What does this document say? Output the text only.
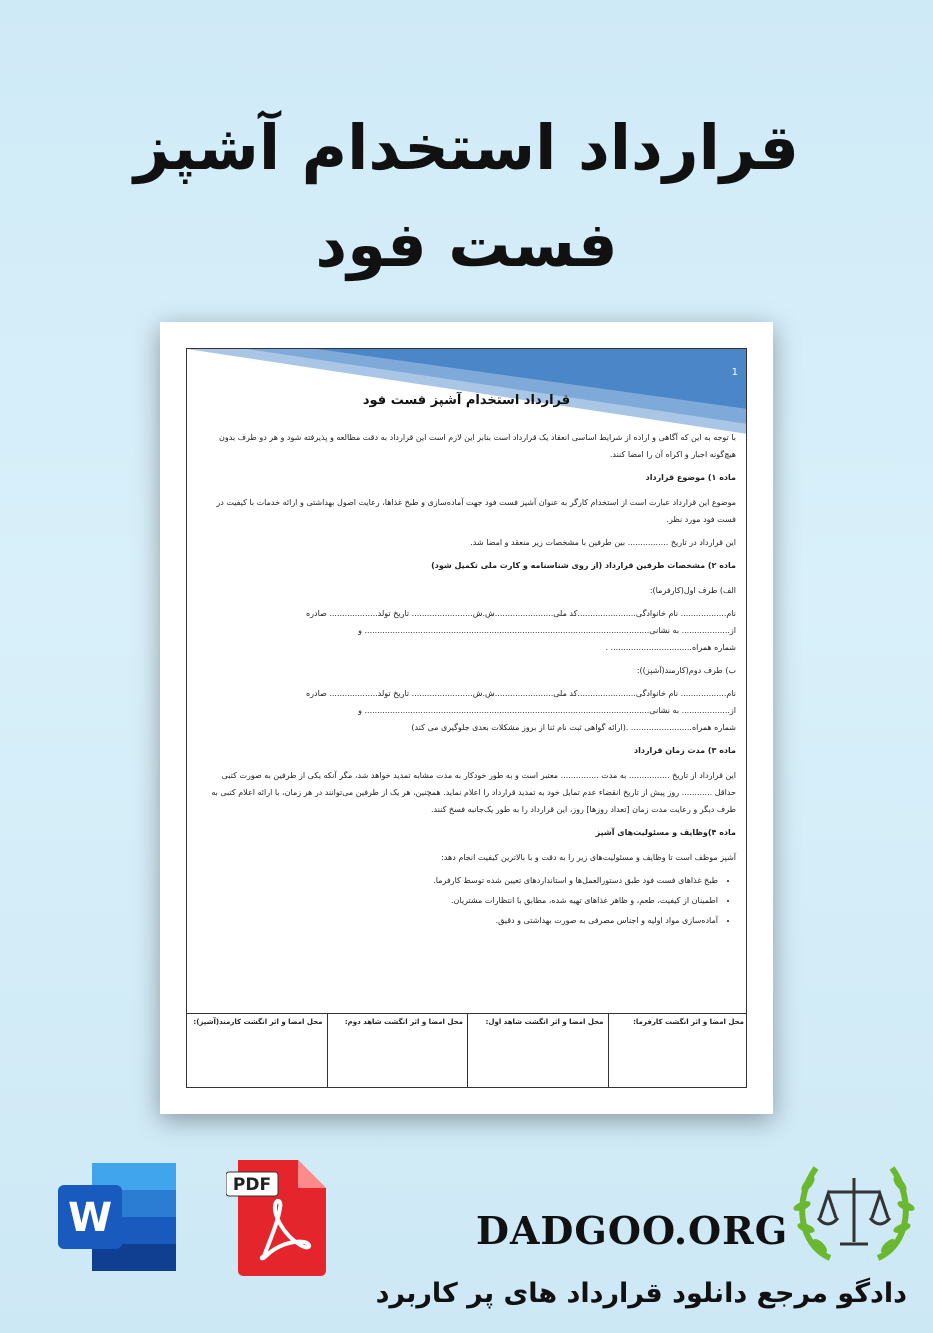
قرارداد استخدام آشپز
فست فود
1
قرارداد استخدام آشپز فست فود

با توجه به این که آگاهی و اراده از شرایط اساسی انعقاد یک قرارداد است بنابر این لازم است این قرارداد به دقت مطالعه و پذیرفته شود و هر دو طرف بدون هیچ‌گونه اجبار و اکراه آن را امضا کنند.

ماده ۱) موضوع قرارداد

موضوع این قرارداد عبارت است از استخدام کارگر به عنوان آشپز فست فود جهت آماده‌سازی و طبخ غذاها، رعایت اصول بهداشتی و ارائه خدمات با کیفیت در فست فود مورد نظر.

این قرارداد در تاریخ ................ بین طرفین با مشخصات زیر منعقد و امضا شد.

ماده ۲) مشخصات طرفین قرارداد (از روی شناسنامه و کارت ملی تکمیل شود)

الف) طرف اول(کارفرما):

نام.................. نام خانوادگی.......................کد ملی.......................ش.ش........................ تاریخ تولد................... صادره

از................... به نشانی................................................................................................................ و

شماره همراه................................ .

ب) طرف دوم(کارمند(آشپز)):

نام.................. نام خانوادگی.......................کد ملی.......................ش.ش........................ تاریخ تولد................... صادره

از................... به نشانی................................................................................................................ و

شماره همراه........................ .(ارائه گواهی ثبت نام ثنا از بروز مشکلات بعدی جلوگیری می کند)

ماده ۳) مدت زمان قرارداد

این قرارداد از تاریخ ................ به مدت ............... معتبر است و به طور خودکار به مدت مشابه تمدید خواهد شد، مگر آنکه یکی از طرفین به صورت کتبی حداقل ............ روز پیش از تاریخ انقضاء عدم تمایل خود به تمدید قرارداد را اعلام نماید. همچنین، هر یک از طرفین می‌توانند در هر زمان، با ارائه اعلام کتبی به طرف دیگر و رعایت مدت زمان [تعداد روزها] روز، این قرارداد را به طور یک‌جانبه فسخ کنند.

ماده ۴)وظایف و مسئولیت‌های آشپز

آشپز موظف است تا وظایف و مسئولیت‌های زیر را به دقت و با بالاترین کیفیت انجام دهد:

• طبخ غذاهای فست فود طبق دستورالعمل‌ها و استانداردهای تعیین شده توسط کارفرما.
• اطمینان از کیفیت، طعم، و ظاهر غذاهای تهیه شده، مطابق با انتظارات مشتریان.
• آماده‌سازی مواد اولیه و اجناس مصرفی به صورت بهداشتی و دقیق.
محل امضا و اثر انگشت کارفرما:
محل امضا و اثر انگشت شاهد اول:
محل امضا و اثر انگشت شاهد دوم:
محل امضا و اثر انگشت کارمند(آشپز):
W
PDF
DADGOO.ORG
دادگو مرجع دانلود قرارداد های پر کاربرد
